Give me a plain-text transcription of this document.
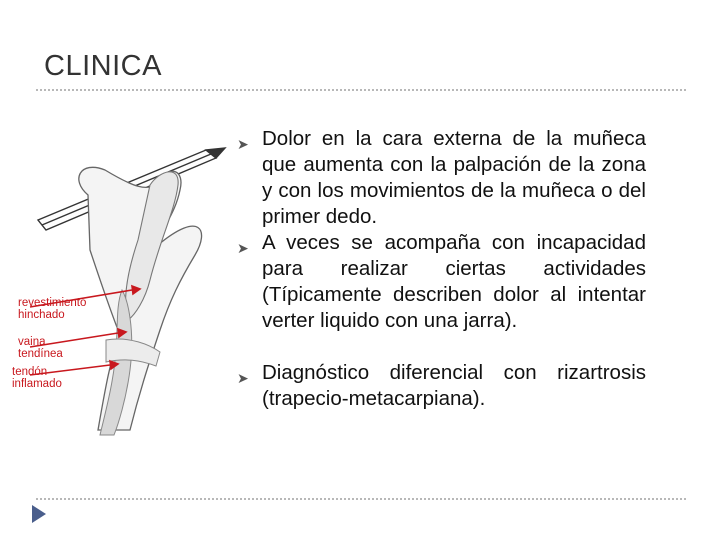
CLINICA
revestimiento
hinchado
vaina
tendínea
tendón
inflamado
➤ Dolor en la cara externa de la muñeca que aumenta con la palpación de la zona y con los movimientos de la muñeca o del primer dedo.
➤ A veces se acompaña con incapacidad para realizar ciertas actividades (Típicamente describen dolor al intentar verter liquido con una jarra).
➤ Diagnóstico diferencial con rizartrosis (trapecio-metacarpiana).
